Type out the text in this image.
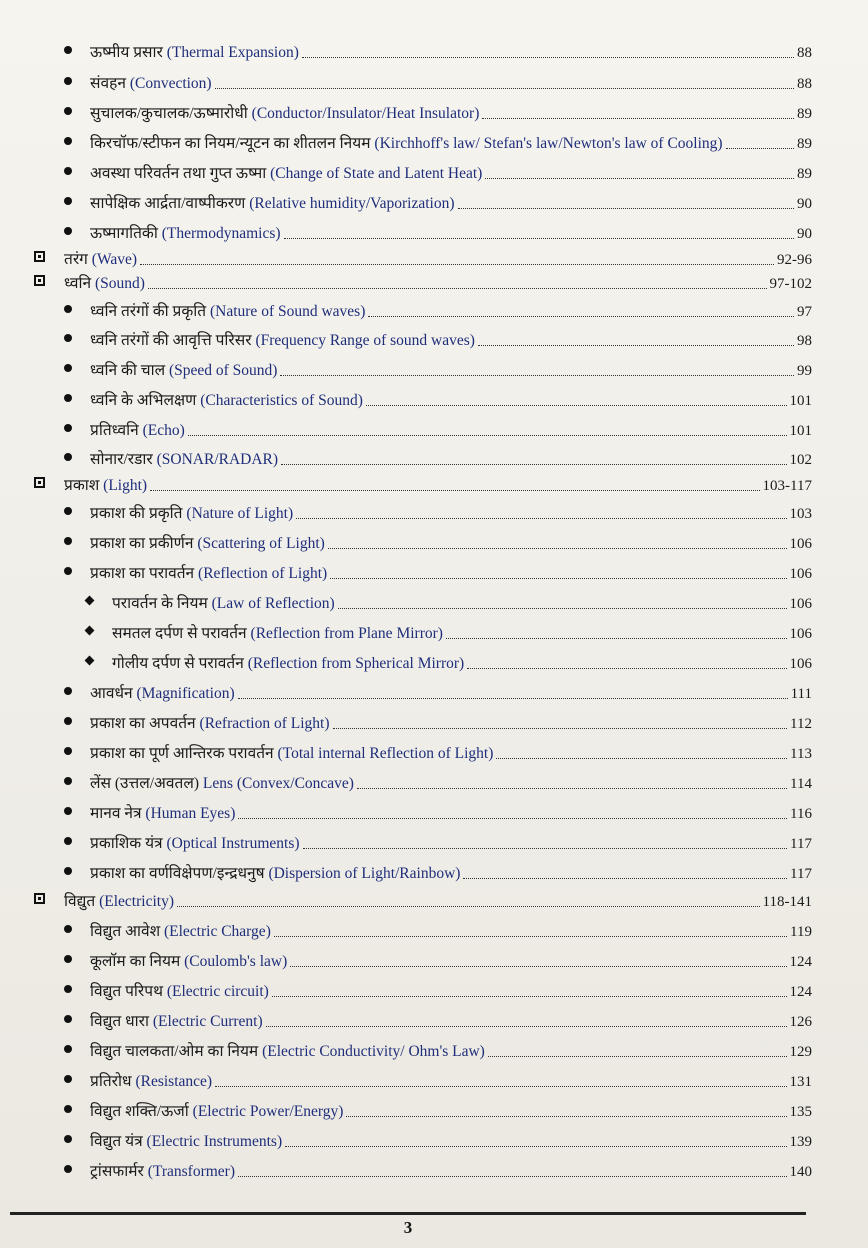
ऊष्मीय प्रसार (Thermal Expansion)	88
संवहन (Convection)	88
सुचालक/कुचालक/ऊष्मारोधी (Conductor/Insulator/Heat Insulator)	89
किरचॉफ/स्टीफन का नियम/न्यूटन का शीतलन नियम (Kirchhoff's law/ Stefan's law/Newton's law of Cooling)	89
अवस्था परिवर्तन तथा गुप्त ऊष्मा (Change of State and Latent Heat)	89
सापेक्षिक आर्द्रता/वाष्पीकरण (Relative humidity/Vaporization)	90
ऊष्मागतिकी (Thermodynamics)	90
तरंग (Wave)	92-96
ध्वनि (Sound)	97-102
ध्वनि तरंगों की प्रकृति (Nature of Sound waves)	97
ध्वनि तरंगों की आवृत्ति परिसर (Frequency Range of sound waves)	98
ध्वनि की चाल (Speed of Sound)	99
ध्वनि के अभिलक्षण (Characteristics of Sound)	101
प्रतिध्वनि (Echo)	101
सोनार/रडार (SONAR/RADAR)	102
प्रकाश (Light)	103-117
प्रकाश की प्रकृति (Nature of Light)	103
प्रकाश का प्रकीर्णन (Scattering of Light)	106
प्रकाश का परावर्तन (Reflection of Light)	106
परावर्तन के नियम (Law of Reflection)	106
समतल दर्पण से परावर्तन (Reflection from Plane Mirror)	106
गोलीय दर्पण से परावर्तन (Reflection from Spherical Mirror)	106
आवर्धन (Magnification)	111
प्रकाश का अपवर्तन (Refraction of Light)	112
प्रकाश का पूर्ण आन्तिरक परावर्तन (Total internal Reflection of Light)	113
लेंस (उत्तल/अवतल) Lens (Convex/Concave)	114
मानव नेत्र (Human Eyes)	116
प्रकाशिक यंत्र (Optical Instruments)	117
प्रकाश का वर्णविक्षेपण/इन्द्रधनुष (Dispersion of Light/Rainbow)	117
विद्युत (Electricity)	118-141
विद्युत आवेश (Electric Charge)	119
कूलॉम का नियम (Coulomb's law)	124
विद्युत परिपथ (Electric circuit)	124
विद्युत धारा (Electric Current)	126
विद्युत चालकता/ओम का नियम (Electric Conductivity/ Ohm's Law)	129
प्रतिरोध (Resistance)	131
विद्युत शक्ति/ऊर्जा (Electric Power/Energy)	135
विद्युत यंत्र (Electric Instruments)	139
ट्रांसफार्मर (Transformer)	140
3
